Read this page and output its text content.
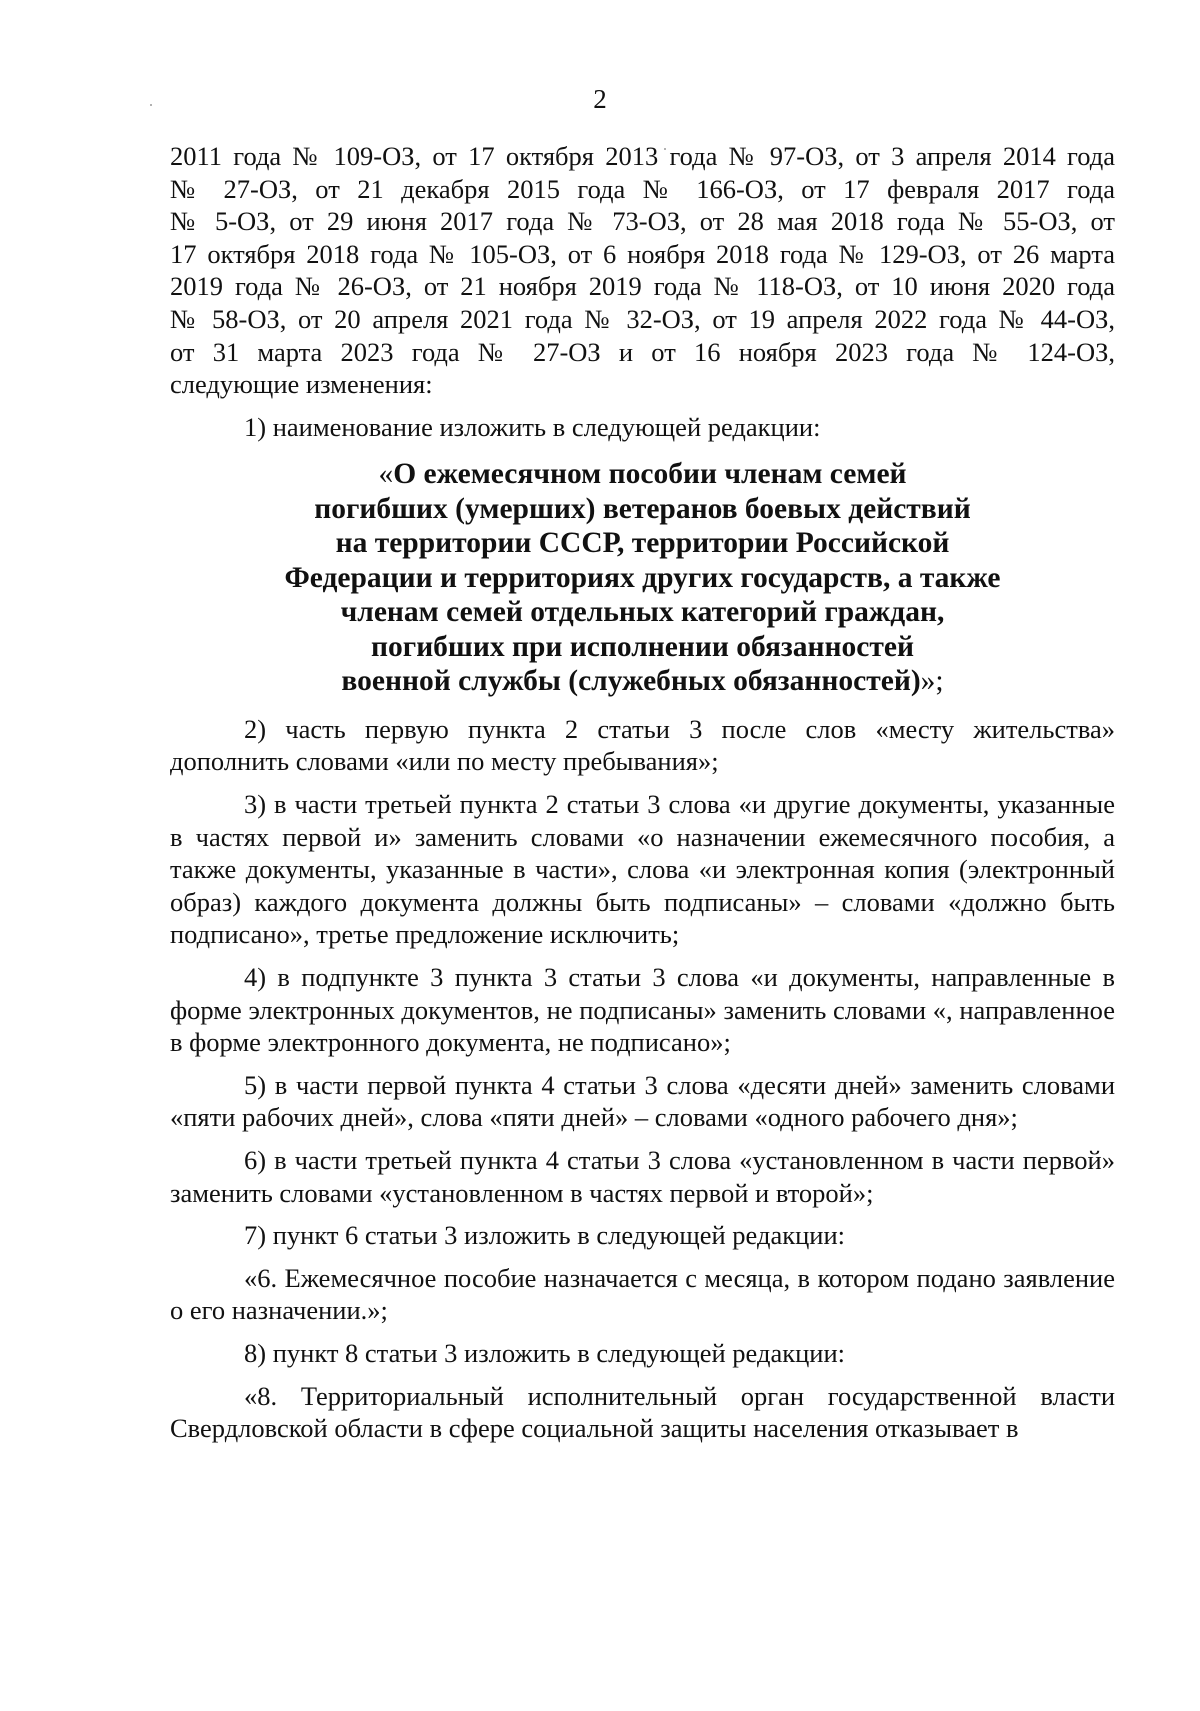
2
2011 года № 109-ОЗ, от 17 октября 2013 года № 97-ОЗ, от 3 апреля 2014 года
№ 27-ОЗ, от 21 декабря 2015 года № 166-ОЗ, от 17 февраля 2017 года
№ 5-ОЗ, от 29 июня 2017 года № 73-ОЗ, от 28 мая 2018 года № 55-ОЗ, от
17 октября 2018 года № 105-ОЗ, от 6 ноября 2018 года № 129-ОЗ, от 26 марта
2019 года № 26-ОЗ, от 21 ноября 2019 года № 118-ОЗ, от 10 июня 2020 года
№ 58-ОЗ, от 20 апреля 2021 года № 32-ОЗ, от 19 апреля 2022 года № 44-ОЗ,
от 31 марта 2023 года № 27-ОЗ и от 16 ноября 2023 года № 124-ОЗ,
следующие изменения:

1) наименование изложить в следующей редакции:

«О ежемесячном пособии членам семей
погибших (умерших) ветеранов боевых действий
на территории СССР, территории Российской
Федерации и территориях других государств, а также
членам семей отдельных категорий граждан,
погибших при исполнении обязанностей
военной службы (служебных обязанностей)»;

2) часть первую пункта 2 статьи 3 после слов «месту жительства» дополнить словами «или по месту пребывания»;

3) в части третьей пункта 2 статьи 3 слова «и другие документы, указанные в частях первой и» заменить словами «о назначении ежемесячного пособия, а также документы, указанные в части», слова «и электронная копия (электронный образ) каждого документа должны быть подписаны» – словами «должно быть подписано», третье предложение исключить;

4) в подпункте 3 пункта 3 статьи 3 слова «и документы, направленные в форме электронных документов, не подписаны» заменить словами «, направленное в форме электронного документа, не подписано»;

5) в части первой пункта 4 статьи 3 слова «десяти дней» заменить словами «пяти рабочих дней», слова «пяти дней» – словами «одного рабочего дня»;

6) в части третьей пункта 4 статьи 3 слова «установленном в части первой» заменить словами «установленном в частях первой и второй»;

7) пункт 6 статьи 3 изложить в следующей редакции:

«6. Ежемесячное пособие назначается с месяца, в котором подано заявление о его назначении.»;

8) пункт 8 статьи 3 изложить в следующей редакции:

«8. Территориальный исполнительный орган государственной власти Свердловской области в сфере социальной защиты населения отказывает в
